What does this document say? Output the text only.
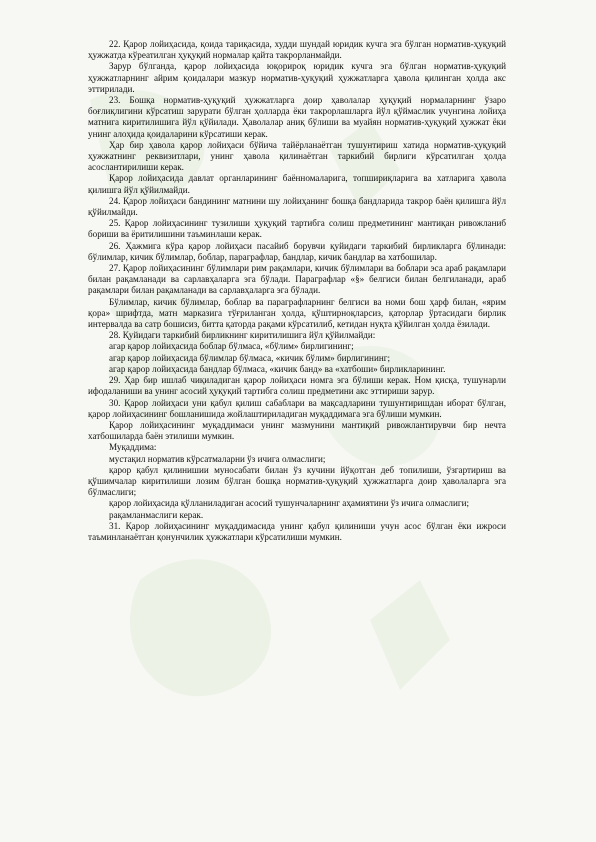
22. Қарор лойиҳасида, қоида тариқасида, худди шундай юридик кучга эга бўлган норматив-ҳуқуқий ҳужжатда кўреатилган ҳуқуқий нормалар қайта такрорланмайди.

Зарур бўлганда, қарор лойиҳасида юқорироқ юридик кучга эга бўлган норматив-ҳуқуқий ҳужжатларнинг айрим қоидалари мазкур норматив-ҳуқуқий ҳужжатларга ҳавола қилинган ҳолда акс эттирилади.

23. Бошқа норматив-ҳуқуқий ҳужжатларга доир ҳаволалар ҳуқуқий нормаларнинг ўзаро боғлиқлигини кўрсатиш зарурати бўлган ҳолларда ёки такрорлашларга йўл қўймаслик учунгина лойиҳа матнига киритилишига йўл қўйилади. Ҳаволалар аниқ бўлиши ва муайян норматив-ҳуқуқий ҳужжат ёки унинг алоҳида қоидаларини кўрсатиши керак.

Ҳар бир ҳавола қарор лойиҳаси бўйича тайёрланаётган тушунтириш хатида норматив-ҳуқуқий ҳужжатнинг реквизитлари, унинг ҳавола қилинаётган таркибий бирлиги кўрсатилган ҳолда асослантирилиши керак.

Қарор лойиҳасида давлат органларининг баённомаларига, топшириқларига ва хатларига ҳавола қилишга йўл қўйилмайди.

24. Қарор лойиҳаси бандининг матнини шу лойиҳанинг бошқа бандларида такрор баён қилишга йўл қўйилмайди.

25. Қарор лойиҳасининг тузилиши ҳуқуқий тартибга солиш предметининг мантиқан ривожланиб бориши ва ёритилишини таъминлаши керак.

26. Ҳажмига кўра қарор лойиҳаси пасайиб борувчи қуйидаги таркибий бирликларга бўлинади: бўлимлар, кичик бўлимлар, боблар, параграфлар, бандлар, кичик бандлар ва хатбошилар.

27. Қарор лойиҳасининг бўлимлари рим рақамлари, кичик бўлимлари ва боблари эса араб рақамлари билан рақамланади ва сарлавҳаларга эга бўлади. Параграфлар «§» белгиси билан белгиланади, араб рақамлари билан рақамланади ва сарлавҳаларга эга бўлади.

Бўлимлар, кичик бўлимлар, боблар ва параграфларнинг белгиси ва номи бош ҳарф билан, «ярим қора» шрифтда, матн марказига тўғриланган ҳолда, қўштирноқларсиз, қаторлар ўртасидаги бирлик интервалда ва сатр бошисиз, битта қаторда рақами кўрсатилиб, кетидан нуқта қўйилган ҳолда ёзилади.

28. Қуйидаги таркибий бирликнинг киритилишига йўл қўйилмайди:

агар қарор лойиҳасида боблар бўлмаса, «бўлим» бирлигининг;

агар қарор лойиҳасида бўлимлар бўлмаса, «кичик бўлим» бирлигининг;

агар қарор лойиҳасида бандлар бўлмаса, «кичик банд» ва «хатбоши» бирликларининг.

29. Ҳар бир ишлаб чиқиладиган қарор лойиҳаси номга эга бўлиши керак. Ном қисқа, тушунарли ифодаланиши ва унинг асосий ҳуқуқий тартибга солиш предметини акс эттириши зарур.

30. Қарор лойиҳаси уни қабул қилиш сабаблари ва мақсадларини тушунтиришдан иборат бўлган, қарор лойиҳасининг бошланишида жойлаштириладиган муқаддимага эга бўлиши мумкин.

Қарор лойиҳасининг муқаддимаси унинг мазмунини мантиқий ривожлантирувчи бир нечта хатбошиларда баён этилиши мумкин.

Муқаддима:

мустақил норматив кўрсатмаларни ўз ичига олмаслиги;

қарор қабул қилинишии муносабати билан ўз кучини йўқотган деб топилиши, ўзгартириш ва қўшимчалар киритилиши лозим бўлган бошқа норматив-ҳуқуқий ҳужжатларга доир ҳаволаларга эга бўлмаслиги;

қарор лойиҳасида қўлланиладиган асосий тушунчаларнинг аҳамиятини ўз ичига олмаслиги;

рақамланмаслиги керак.

31. Қарор лойиҳасининг муқаддимасида унинг қабул қилиниши учун асос бўлган ёки ижроси таъминланаётган қонунчилик ҳужжатлари кўрсатилиши мумкин.
